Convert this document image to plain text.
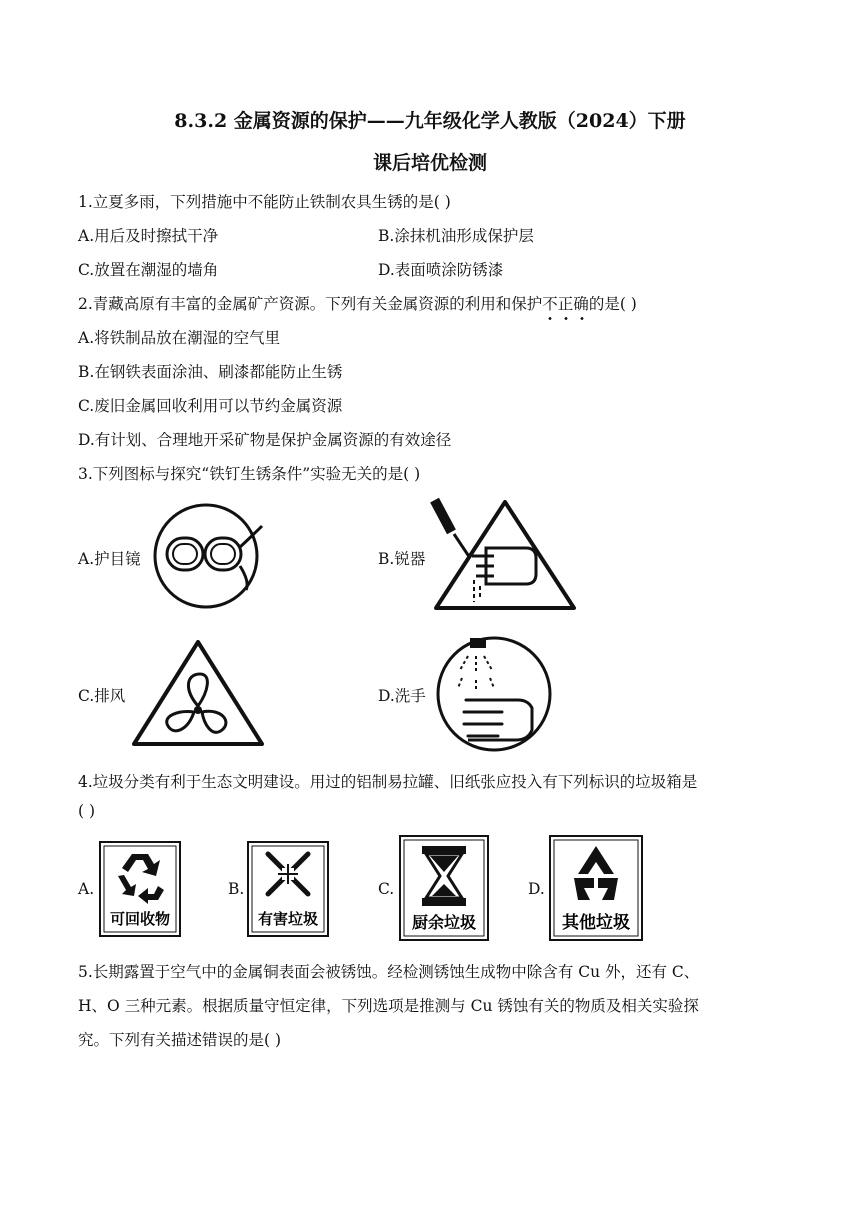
8.3.2 金属资源的保护——九年级化学人教版（2024）下册
课后培优检测
1.立夏多雨，下列措施中不能防止铁制农具生锈的是( )
A.用后及时擦拭干净	B.涂抹机油形成保护层
C.放置在潮湿的墙角	D.表面喷涂防锈漆
2.青藏高原有丰富的金属矿产资源。下列有关金属资源的利用和保护不正确的是( )
A.将铁制品放在潮湿的空气里
B.在钢铁表面涂油、刷漆都能防止生锈
C.废旧金属回收利用可以节约金属资源
D.有计划、合理地开采矿物是保护金属资源的有效途径
3.下列图标与探究“铁钉生锈条件”实验无关的是( )
A.护目镜	B.锐器
C.排风	D.洗手
4.垃圾分类有利于生态文明建设。用过的铝制易拉罐、旧纸张应投入有下列标识的垃圾箱是
( )
A.
可回收物
B.
有害垃圾
C.
厨余垃圾
D.
其他垃圾
5.长期露置于空气中的金属铜表面会被锈蚀。经检测锈蚀生成物中除含有 Cu 外，还有 C、
H、O 三种元素。根据质量守恒定律，下列选项是推测与 Cu 锈蚀有关的物质及相关实验探
究。下列有关描述错误的是( )
